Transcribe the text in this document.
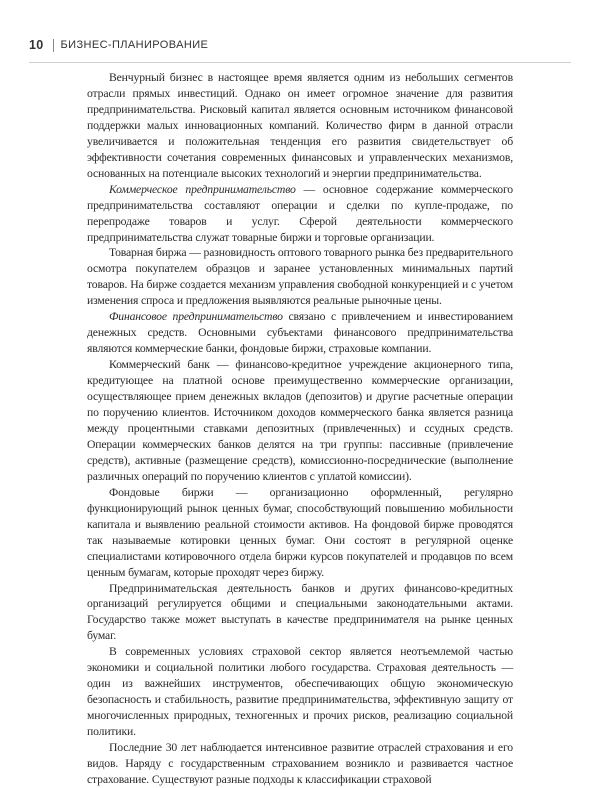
10 БИЗНЕС-ПЛАНИРОВАНИЕ

Венчурный бизнес в настоящее время является одним из небольших сегментов отрасли прямых инвестиций. Однако он имеет огромное значение для развития предпринимательства. Рисковый капитал является основным источником финансовой поддержки малых инновационных компаний. Количество фирм в данной отрасли увеличивается и положительная тенденция его развития свидетельствует об эффективности сочетания современных финансовых и управленческих механизмов, основанных на потенциале высоких технологий и энергии предпринимательства.

Коммерческое предпринимательство — основное содержание коммерческого предпринимательства составляют операции и сделки по купле-продаже, по перепродаже товаров и услуг. Сферой деятельности коммерческого предпринимательства служат товарные биржи и торговые организации.

Товарная биржа — разновидность оптового товарного рынка без предварительного осмотра покупателем образцов и заранее установленных минимальных партий товаров. На бирже создается механизм управления свободной конкуренцией и с учетом изменения спроса и предложения выявляются реальные рыночные цены.

Финансовое предпринимательство связано с привлечением и инвестированием денежных средств. Основными субъектами финансового предпринимательства являются коммерческие банки, фондовые биржи, страховые компании.

Коммерческий банк — финансово-кредитное учреждение акционерного типа, кредитующее на платной основе преимущественно коммерческие организации, осуществляющее прием денежных вкладов (депозитов) и другие расчетные операции по поручению клиентов. Источником доходов коммерческого банка является разница между процентными ставками депозитных (привлеченных) и ссудных средств. Операции коммерческих банков делятся на три группы: пассивные (привлечение средств), активные (размещение средств), комиссионно-посреднические (выполнение различных операций по поручению клиентов с уплатой комиссии).

Фондовые биржи — организационно оформленный, регулярно функционирующий рынок ценных бумаг, способствующий повышению мобильности капитала и выявлению реальной стоимости активов. На фондовой бирже проводятся так называемые котировки ценных бумаг. Они состоят в регулярной оценке специалистами котировочного отдела биржи курсов покупателей и продавцов по всем ценным бумагам, которые проходят через биржу.

Предпринимательская деятельность банков и других финансово-кредитных организаций регулируется общими и специальными законодательными актами. Государство также может выступать в качестве предпринимателя на рынке ценных бумаг.

В современных условиях страховой сектор является неотъемлемой частью экономики и социальной политики любого государства. Страховая деятельность — один из важнейших инструментов, обеспечивающих общую экономическую безопасность и стабильность, развитие предпринимательства, эффективную защиту от многочисленных природных, техногенных и прочих рисков, реализацию социальной политики.

Последние 30 лет наблюдается интенсивное развитие отраслей страхования и его видов. Наряду с государственным страхованием возникло и развивается частное страхование. Существуют разные подходы к классификации страховой
